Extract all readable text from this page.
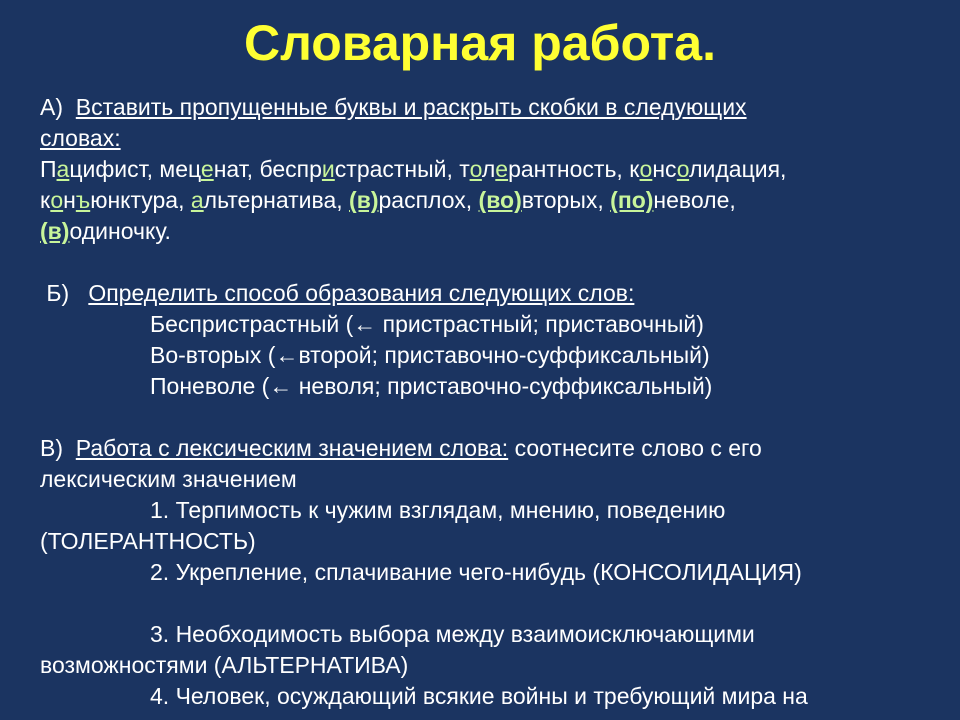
Словарная работа.
А)  Вставить пропущенные буквы и раскрыть скобки в следующих
словах:
Пацифист, меценат, беспристрастный, толерантность, консолидация,
конъюнктура, альтернатива, (в)расплох, (во)вторых, (по)неволе,
(в)одиночку.
Б)   Определить способ образования следующих слов:
Беспристрастный (← пристрастный; приставочный)
Во-вторых (←второй; приставочно-суффиксальный)
Поневоле (← неволя; приставочно-суффиксальный)
В)  Работа с лексическим значением слова: соотнесите слово с его
лексическим значением
1. Терпимость к чужим взглядам, мнению, поведению
(ТОЛЕРАНТНОСТЬ)
2. Укрепление, сплачивание чего-нибудь (КОНСОЛИДАЦИЯ)
3. Необходимость выбора между взаимоисключающими
возможностями (АЛЬТЕРНАТИВА)
4. Человек, осуждающий всякие войны и требующий мира на
